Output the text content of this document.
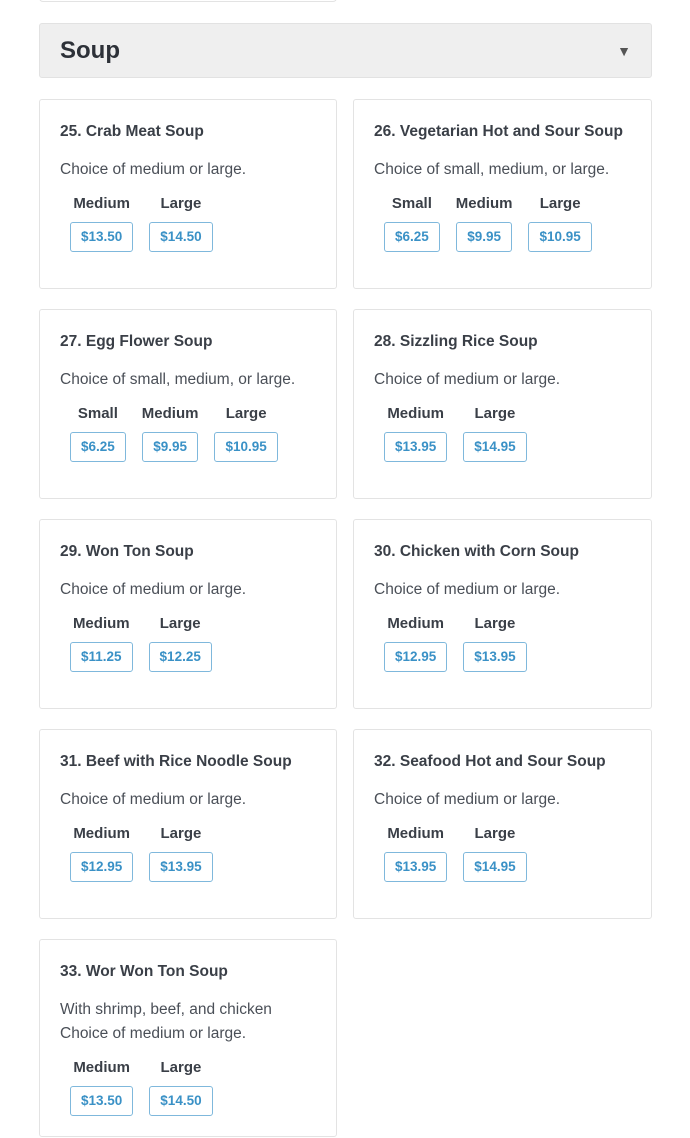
Soup	▼
25. Crab Meat Soup

Choice of medium or large.

Medium
$13.50
Large
$14.50
26. Vegetarian Hot and Sour Soup

Choice of small, medium, or large.

Small
$6.25
Medium
$9.95
Large
$10.95
27. Egg Flower Soup

Choice of small, medium, or large.

Small
$6.25
Medium
$9.95
Large
$10.95
28. Sizzling Rice Soup

Choice of medium or large.

Medium
$13.95
Large
$14.95
29. Won Ton Soup

Choice of medium or large.

Medium
$11.25
Large
$12.25
30. Chicken with Corn Soup

Choice of medium or large.

Medium
$12.95
Large
$13.95
31. Beef with Rice Noodle Soup

Choice of medium or large.

Medium
$12.95
Large
$13.95
32. Seafood Hot and Sour Soup

Choice of medium or large.

Medium
$13.95
Large
$14.95
33. Wor Won Ton Soup

With shrimp, beef, and chicken
Choice of medium or large.

Medium
$13.50
Large
$14.50
